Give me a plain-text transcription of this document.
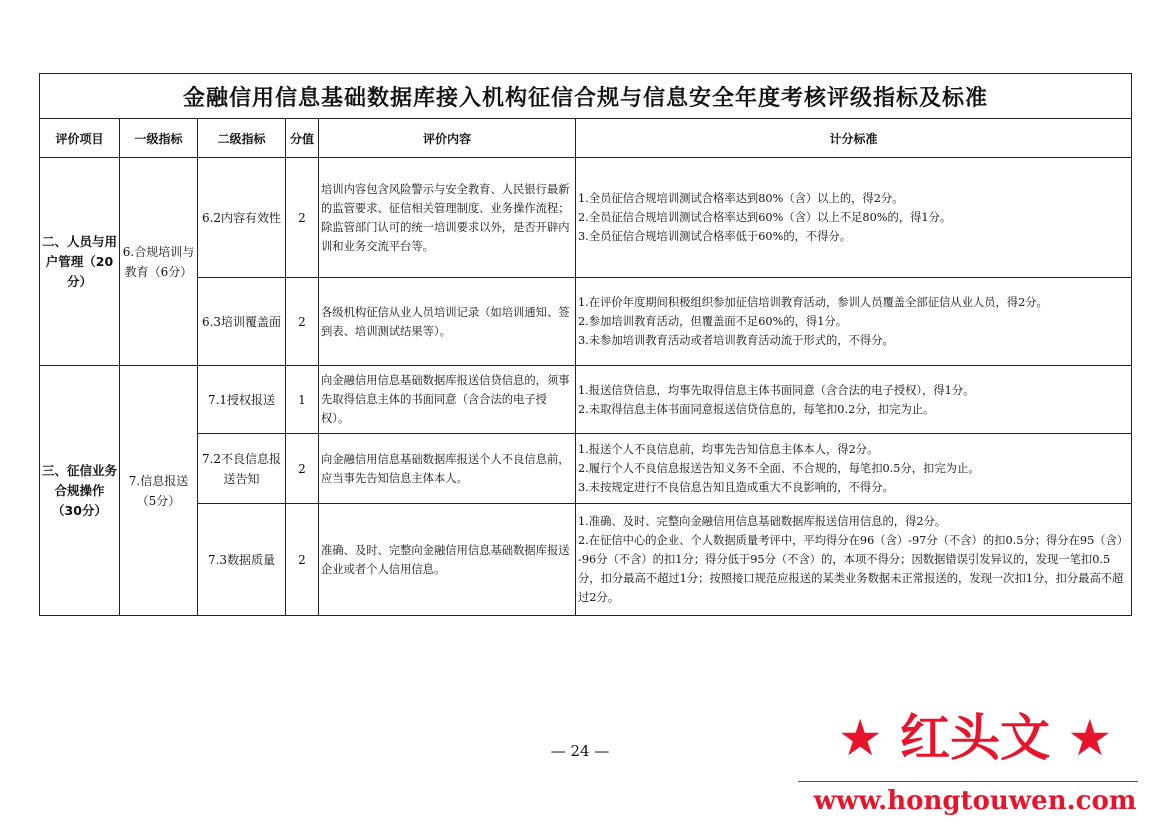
金融信用信息基础数据库接入机构征信合规与信息安全年度考核评级指标及标准					
评价项目	一级指标	二级指标	分值	评价内容	计分标准
二、人员与用户管理（20分）	6.合规培训与教育（6分）	6.2内容有效性	2	培训内容包含风险警示与安全教育、人民银行最新的监管要求、征信相关管理制度、业务操作流程；除监管部门认可的统一培训要求以外，是否开辟内训和业务交流平台等。	1.全员征信合规培训测试合格率达到80%（含）以上的，得2分。
2.全员征信合规培训测试合格率达到60%（含）以上不足80%的，得1分。
3.全员征信合规培训测试合格率低于60%的，不得分。

		6.3培训覆盖面	2	各级机构征信从业人员培训记录（如培训通知、签到表、培训测试结果等）。	1.在评价年度期间积极组织参加征信培训教育活动，参训人员覆盖全部征信从业人员，得2分。
2.参加培训教育活动，但覆盖面不足60%的，得1分。
3.未参加培训教育活动或者培训教育活动流于形式的，不得分。

三、征信业务合规操作（30分）	7.信息报送（5分）	7.1授权报送	1	向金融信用信息基础数据库报送信贷信息的，须事先取得信息主体的书面同意（含合法的电子授权）。	1.报送信贷信息，均事先取得信息主体书面同意（含合法的电子授权），得1分。
2.未取得信息主体书面同意报送信贷信息的，每笔扣0.2分，扣完为止。

		7.2不良信息报送告知	2	向金融信用信息基础数据库报送个人不良信息前，应当事先告知信息主体本人。	1.报送个人不良信息前，均事先告知信息主体本人，得2分。
2.履行个人不良信息报送告知义务不全面、不合规的，每笔扣0.5分，扣完为止。
3.未按规定进行不良信息告知且造成重大不良影响的，不得分。

		7.3数据质量	2	准确、及时、完整向金融信用信息基础数据库报送企业或者个人信用信息。	1.准确、及时、完整向金融信用信息基础数据库报送信用信息的，得2分。
2.在征信中心的企业、个人数据质量考评中，平均得分在96（含）-97分（不含）的扣0.5分；得分在95（含）-96分（不含）的扣1分；得分低于95分（不含）的，本项不得分；因数据错误引发异议的，发现一笔扣0.5分，扣分最高不超过1分；按照接口规范应报送的某类业务数据未正常报送的，发现一次扣1分，扣分最高不超过2分。
— 24 —	★ 红头文 ★
www.hongtouwen.com
